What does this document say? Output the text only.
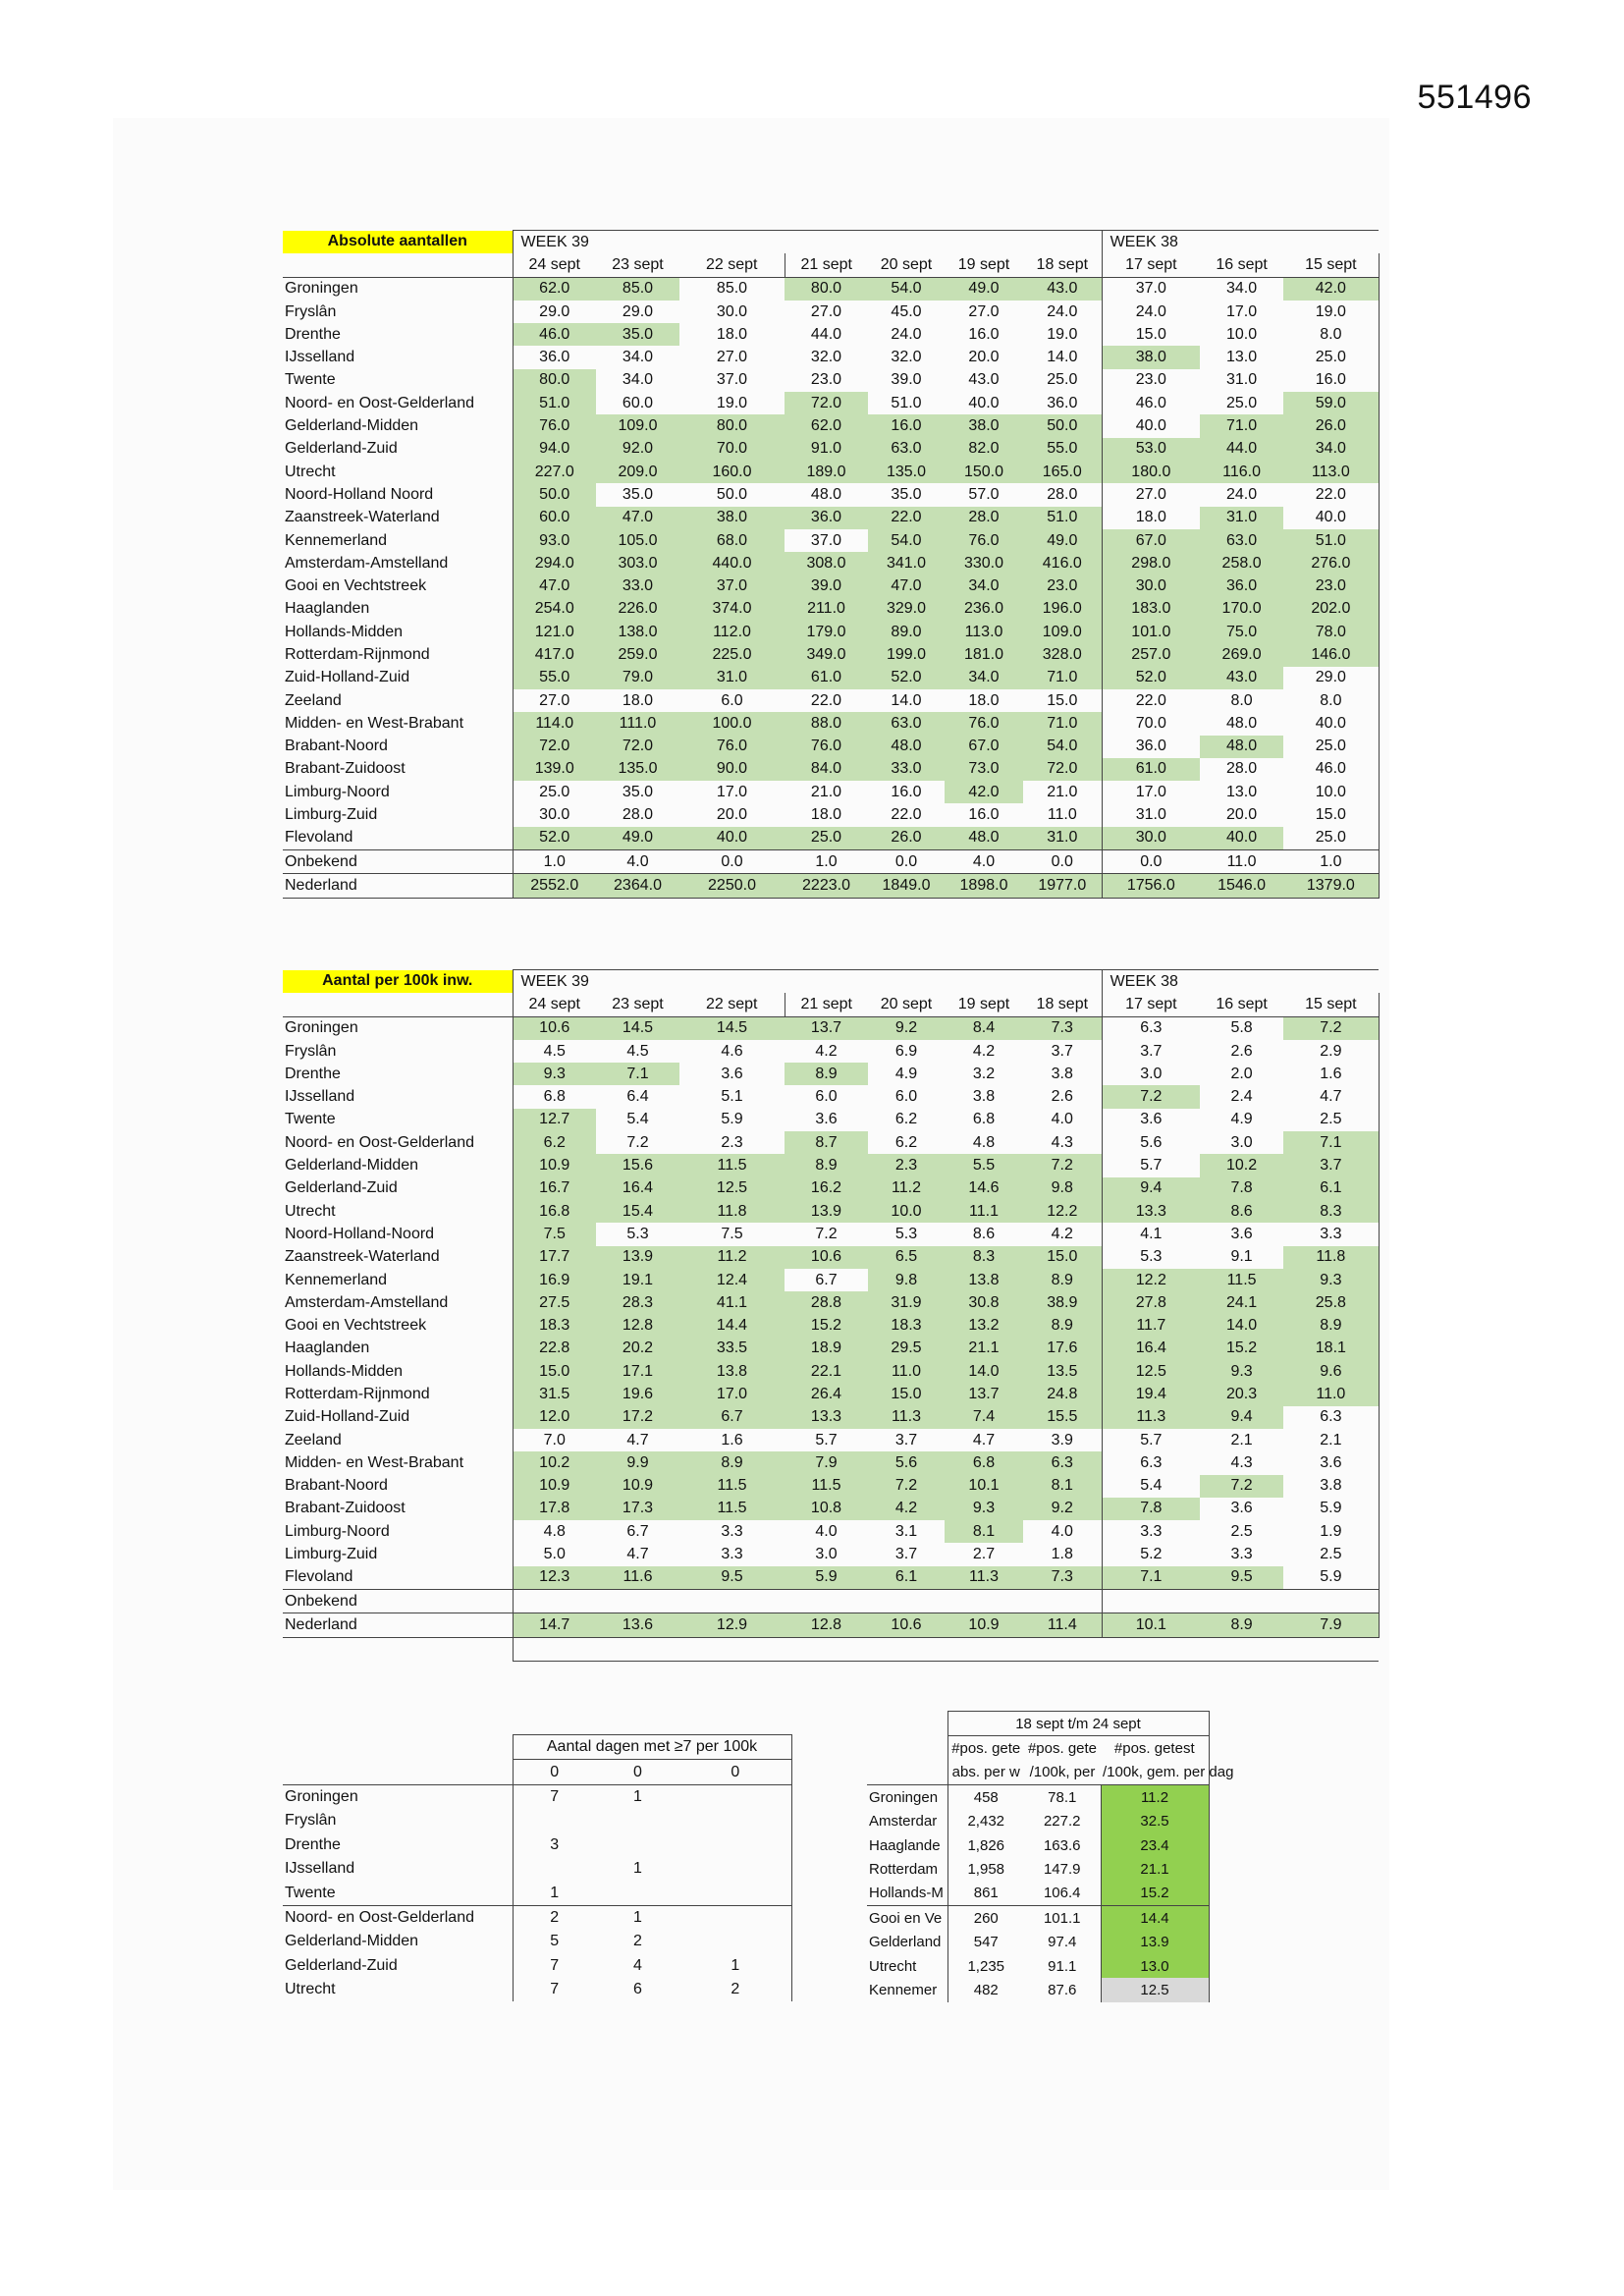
551496
Absolute aantallen	WEEK 39							WEEK 38		
	24 sept	23 sept	22 sept	21 sept	20 sept	19 sept	18 sept	17 sept	16 sept	15 sept
Groningen	62.0	85.0	85.0	80.0	54.0	49.0	43.0	37.0	34.0	42.0
Fryslân	29.0	29.0	30.0	27.0	45.0	27.0	24.0	24.0	17.0	19.0
Drenthe	46.0	35.0	18.0	44.0	24.0	16.0	19.0	15.0	10.0	8.0
IJsselland	36.0	34.0	27.0	32.0	32.0	20.0	14.0	38.0	13.0	25.0
Twente	80.0	34.0	37.0	23.0	39.0	43.0	25.0	23.0	31.0	16.0
Noord- en Oost-Gelderland	51.0	60.0	19.0	72.0	51.0	40.0	36.0	46.0	25.0	59.0
Gelderland-Midden	76.0	109.0	80.0	62.0	16.0	38.0	50.0	40.0	71.0	26.0
Gelderland-Zuid	94.0	92.0	70.0	91.0	63.0	82.0	55.0	53.0	44.0	34.0
Utrecht	227.0	209.0	160.0	189.0	135.0	150.0	165.0	180.0	116.0	113.0
Noord-Holland Noord	50.0	35.0	50.0	48.0	35.0	57.0	28.0	27.0	24.0	22.0
Zaanstreek-Waterland	60.0	47.0	38.0	36.0	22.0	28.0	51.0	18.0	31.0	40.0
Kennemerland	93.0	105.0	68.0	37.0	54.0	76.0	49.0	67.0	63.0	51.0
Amsterdam-Amstelland	294.0	303.0	440.0	308.0	341.0	330.0	416.0	298.0	258.0	276.0
Gooi en Vechtstreek	47.0	33.0	37.0	39.0	47.0	34.0	23.0	30.0	36.0	23.0
Haaglanden	254.0	226.0	374.0	211.0	329.0	236.0	196.0	183.0	170.0	202.0
Hollands-Midden	121.0	138.0	112.0	179.0	89.0	113.0	109.0	101.0	75.0	78.0
Rotterdam-Rijnmond	417.0	259.0	225.0	349.0	199.0	181.0	328.0	257.0	269.0	146.0
Zuid-Holland-Zuid	55.0	79.0	31.0	61.0	52.0	34.0	71.0	52.0	43.0	29.0
Zeeland	27.0	18.0	6.0	22.0	14.0	18.0	15.0	22.0	8.0	8.0
Midden- en West-Brabant	114.0	111.0	100.0	88.0	63.0	76.0	71.0	70.0	48.0	40.0
Brabant-Noord	72.0	72.0	76.0	76.0	48.0	67.0	54.0	36.0	48.0	25.0
Brabant-Zuidoost	139.0	135.0	90.0	84.0	33.0	73.0	72.0	61.0	28.0	46.0
Limburg-Noord	25.0	35.0	17.0	21.0	16.0	42.0	21.0	17.0	13.0	10.0
Limburg-Zuid	30.0	28.0	20.0	18.0	22.0	16.0	11.0	31.0	20.0	15.0
Flevoland	52.0	49.0	40.0	25.0	26.0	48.0	31.0	30.0	40.0	25.0
Onbekend	1.0	4.0	0.0	1.0	0.0	4.0	0.0	0.0	11.0	1.0
Nederland	2552.0	2364.0	2250.0	2223.0	1849.0	1898.0	1977.0	1756.0	1546.0	1379.0
Aantal per 100k inw.	WEEK 39							WEEK 38		
	24 sept	23 sept	22 sept	21 sept	20 sept	19 sept	18 sept	17 sept	16 sept	15 sept
Groningen	10.6	14.5	14.5	13.7	9.2	8.4	7.3	6.3	5.8	7.2
Fryslân	4.5	4.5	4.6	4.2	6.9	4.2	3.7	3.7	2.6	2.9
Drenthe	9.3	7.1	3.6	8.9	4.9	3.2	3.8	3.0	2.0	1.6
IJsselland	6.8	6.4	5.1	6.0	6.0	3.8	2.6	7.2	2.4	4.7
Twente	12.7	5.4	5.9	3.6	6.2	6.8	4.0	3.6	4.9	2.5
Noord- en Oost-Gelderland	6.2	7.2	2.3	8.7	6.2	4.8	4.3	5.6	3.0	7.1
Gelderland-Midden	10.9	15.6	11.5	8.9	2.3	5.5	7.2	5.7	10.2	3.7
Gelderland-Zuid	16.7	16.4	12.5	16.2	11.2	14.6	9.8	9.4	7.8	6.1
Utrecht	16.8	15.4	11.8	13.9	10.0	11.1	12.2	13.3	8.6	8.3
Noord-Holland-Noord	7.5	5.3	7.5	7.2	5.3	8.6	4.2	4.1	3.6	3.3
Zaanstreek-Waterland	17.7	13.9	11.2	10.6	6.5	8.3	15.0	5.3	9.1	11.8
Kennemerland	16.9	19.1	12.4	6.7	9.8	13.8	8.9	12.2	11.5	9.3
Amsterdam-Amstelland	27.5	28.3	41.1	28.8	31.9	30.8	38.9	27.8	24.1	25.8
Gooi en Vechtstreek	18.3	12.8	14.4	15.2	18.3	13.2	8.9	11.7	14.0	8.9
Haaglanden	22.8	20.2	33.5	18.9	29.5	21.1	17.6	16.4	15.2	18.1
Hollands-Midden	15.0	17.1	13.8	22.1	11.0	14.0	13.5	12.5	9.3	9.6
Rotterdam-Rijnmond	31.5	19.6	17.0	26.4	15.0	13.7	24.8	19.4	20.3	11.0
Zuid-Holland-Zuid	12.0	17.2	6.7	13.3	11.3	7.4	15.5	11.3	9.4	6.3
Zeeland	7.0	4.7	1.6	5.7	3.7	4.7	3.9	5.7	2.1	2.1
Midden- en West-Brabant	10.2	9.9	8.9	7.9	5.6	6.8	6.3	6.3	4.3	3.6
Brabant-Noord	10.9	10.9	11.5	11.5	7.2	10.1	8.1	5.4	7.2	3.8
Brabant-Zuidoost	17.8	17.3	11.5	10.8	4.2	9.3	9.2	7.8	3.6	5.9
Limburg-Noord	4.8	6.7	3.3	4.0	3.1	8.1	4.0	3.3	2.5	1.9
Limburg-Zuid	5.0	4.7	3.3	3.0	3.7	2.7	1.8	5.2	3.3	2.5
Flevoland	12.3	11.6	9.5	5.9	6.1	11.3	7.3	7.1	9.5	5.9
Onbekend										
Nederland	14.7	13.6	12.9	12.8	10.6	10.9	11.4	10.1	8.9	7.9

	Aantal dagen met ≥7 per 100k		
	0	0	0
Groningen	7	1	
Fryslân			
Drenthe	3		
IJsselland		1	
Twente	1		
Noord- en Oost-Gelderland	2	1	
Gelderland-Midden	5	2	
Gelderland-Zuid	7	4	1
Utrecht	7	6	2
	18 sept t/m 24 sept		
	#pos. gete	#pos. gete	#pos. getest
	abs. per w	/100k, per	/100k, gem. per dag
Groningen	458	78.1	11.2
Amsterdar	2,432	227.2	32.5
Haaglande	1,826	163.6	23.4
Rotterdam	1,958	147.9	21.1
Hollands-M	861	106.4	15.2
Gooi en Ve	260	101.1	14.4
Gelderland	547	97.4	13.9
Utrecht	1,235	91.1	13.0
Kennemer	482	87.6	12.5
